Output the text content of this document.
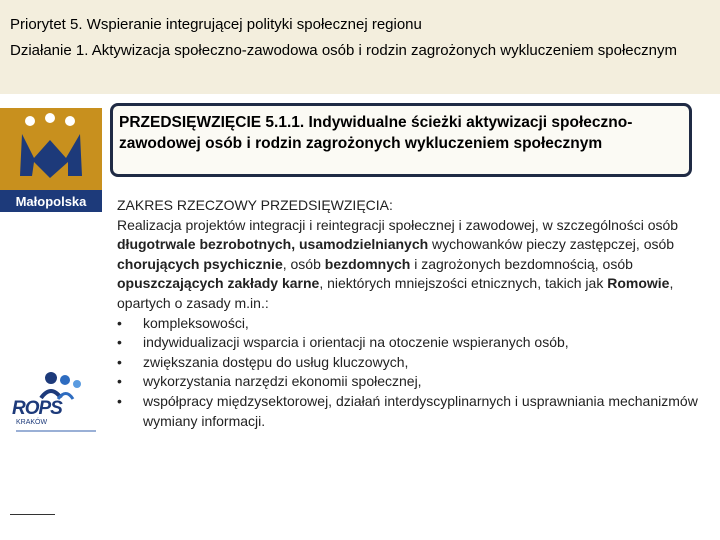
Priorytet 5. Wspieranie integrującej polityki społecznej regionu
Działanie 1. Aktywizacja społeczno-zawodowa osób i rodzin zagrożonych wykluczeniem społecznym
Małopolska
PRZEDSIĘWZIĘCIE 5.1.1. Indywidualne ścieżki aktywizacji społeczno-zawodowej osób i rodzin zagrożonych wykluczeniem społecznym

ZAKRES RZECZOWY PRZEDSIĘWZIĘCIA:

Realizacja projektów integracji i reintegracji społecznej i zawodowej, w szczególności osób długotrwale bezrobotnych, usamodzielnianych wychowanków pieczy zastępczej, osób chorujących psychicznie, osób bezdomnych i zagrożonych bezdomnością, osób opuszczających zakłady karne, niektórych mniejszości etnicznych, takich jak Romowie, opartych o zasady m.in.:

•	kompleksowości,
•	indywidualizacji wsparcia i orientacji na otoczenie wspieranych osób,
•	zwiększania dostępu do usług kluczowych,
•	wykorzystania narzędzi ekonomii społecznej,
•	współpracy międzysektorowej, działań interdyscyplinarnych i usprawniania mechanizmów wymiany informacji.
ROPS
KRAKÓW
